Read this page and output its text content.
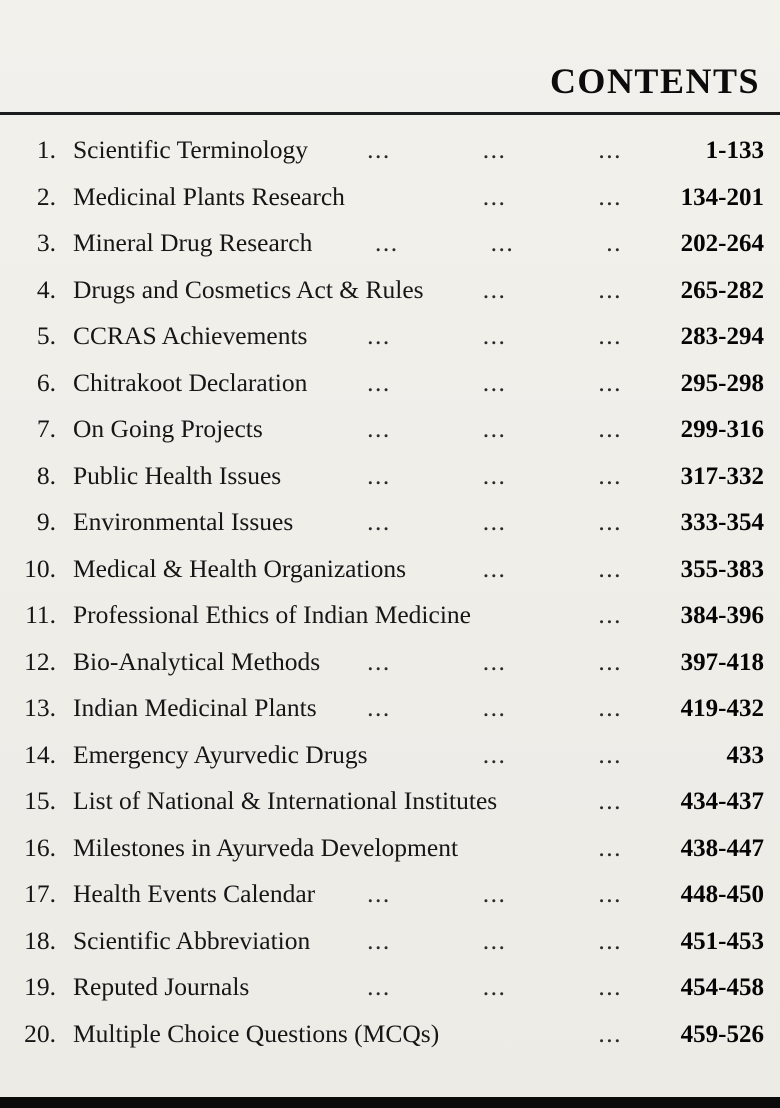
CONTENTS
1. Scientific Terminology	... ... ...	1-133
2. Medicinal Plants Research	... ...	134-201
3. Mineral Drug Research	... ... ..	202-264
4. Drugs and Cosmetics Act & Rules	... ...	265-282
5. CCRAS Achievements	... ... ...	283-294
6. Chitrakoot Declaration	... ... ...	295-298
7. On Going Projects	... ... ...	299-316
8. Public Health Issues	... ... ...	317-332
9. Environmental Issues	... ... ...	333-354
10. Medical & Health Organizations	... ...	355-383
11. Professional Ethics of Indian Medicine	...	384-396
12. Bio-Analytical Methods	... ... ...	397-418
13. Indian Medicinal Plants	... ... ...	419-432
14. Emergency Ayurvedic Drugs	... ...	433
15. List of National & International Institutes	...	434-437
16. Milestones in Ayurveda Development	...	438-447
17. Health Events Calendar	... ... ...	448-450
18. Scientific Abbreviation	... ... ...	451-453
19. Reputed Journals	... ... ...	454-458
20. Multiple Choice Questions (MCQs)	...	459-526
